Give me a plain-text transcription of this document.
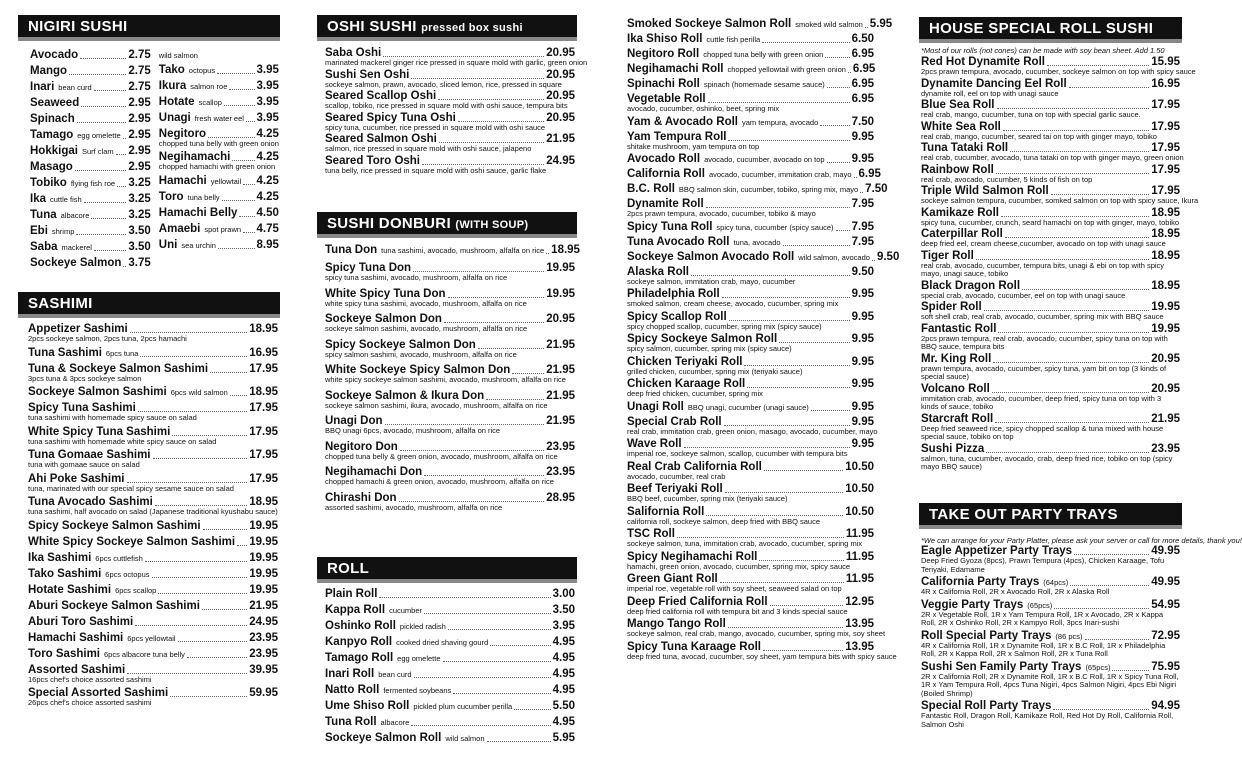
NIGIRI SUSHI
Avocado	2.75
Mango	2.75
Inari bean curd	2.75
Seaweed	2.95
Spinach	2.95
Tamago egg omelette 2.95
Hokkigai Surf clam 2.95
Masago	2.95
Tobiko flying fish roe 3.25
Ika cuttle fish	3.25
Tuna albacore	3.25
Ebi shrimp	3.50
Saba mackerel	3.50
Sockeye Salmon 3.75
wild salmon
Tako octopus	3.95
Ikura salmon roe	3.95
Hotate scallop	3.95
Unagi fresh water eel 3.95
Negitoro	4.25
chopped tuna belly with green onion
Negihamachi 4.25
chopped hamachi with green onion
Hamachi yellowtail 4.25
Toro tuna belly	4.25
Hamachi Belly 4.50
Amaebi spot prawn 4.75
Uni sea urchin	8.95
SASHIMI
Appetizer Sashimi	18.95
2pcs sockeye salmon, 2pcs tuna, 2pcs hamachi
Tuna Sashimi 6pcs tuna	16.95
Tuna & Sockeye Salmon Sashimi	17.95
3pcs tuna & 3pcs sockeye salmon
Sockeye Salmon Sashimi 6pcs wild salmon 18.95
Spicy Tuna Sashimi	17.95
tuna sashimi with homemade spicy sauce on salad
White Spicy Tuna Sashimi	17.95
tuna sashimi with homemade white spicy sauce on salad
Tuna Gomaae Sashimi	17.95
tuna with gomaae sauce on salad
Ahi Poke Sashimi	17.95
tuna, marinated with our special spicy sesame sauce on salad
Tuna Avocado Sashimi	18.95
tuna sashimi, half avocado on salad (Japanese traditional kyushabu sauce)
Spicy Sockeye Salmon Sashimi	19.95
White Spicy Sockeye Salmon Sashimi 19.95
Ika Sashimi 6pcs cuttlefish	19.95
Tako Sashimi 6pcs octopus	19.95
Hotate Sashimi 6pcs scallop	19.95
Aburi Sockeye Salmon Sashimi	21.95
Aburi Toro Sashimi	24.95
Hamachi Sashimi 6pcs yellowtail	23.95
Toro Sashimi 6pcs albacore tuna belly	23.95
Assorted Sashimi	39.95
16pcs chef's choice assorted sashimi
Special Assorted Sashimi	59.95
26pcs chef's choice assorted sashimi
OSHI SUSHI pressed box sushi
Saba Oshi	20.95
marinated mackerel ginger rice pressed in square mold with garlic, green onion
Sushi Sen Oshi	20.95
sockeye salmon, prawn, avocado, sliced lemon, rice, pressed in square
Seared Scallop Oshi	20.95
scallop, tobiko, rice pressed in square mold with oshi sauce, tempura bits
Seared Spicy Tuna Oshi	20.95
spicy tuna, cucumber, rice pressed in square mold with oshi sauce
Seared Salmon Oshi	21.95
salmon, rice pressed in square mold with oshi sauce, jalapeno
Seared Toro Oshi	24.95
tuna belly, rice pressed in square mold with oshi sauce, garlic flake
SUSHI DONBURI (WITH SOUP)
Tuna Don tuna sashimi, avocado, mushroom, alfalfa on rice 18.95
Spicy Tuna Don	19.95
spicy tuna sashimi, avocado, mushroom, alfalfa on rice
White Spicy Tuna Don	19.95
white spicy tuna sashimi, avocado, mushroom, alfalfa on rice
Sockeye Salmon Don	20.95
sockeye salmon sashimi, avocado, mushroom, alfalfa on rice
Spicy Sockeye Salmon Don	21.95
spicy salmon sashimi, avocado, mushroom, alfalfa on rice
White Sockeye Spicy Salmon Don	21.95
white spicy sockeye salmon sashimi, avocado, mushroom, alfalfa on rice
Sockeye Salmon & Ikura Don	21.95
sockeye salmon sashimi, ikura, avocado, mushroom, alfalfa on rice
Unagi Don	21.95
BBQ unagi 6pcs, avocado, mushroom, alfalfa on rice
Negitoro Don	23.95
chopped tuna belly & green onion, avocado, mushroom, alfalfa on rice
Negihamachi Don	23.95
chopped hamachi & green onion, avocado, mushroom, alfalfa on rice
Chirashi Don	28.95
assorted sashimi, avocado, mushroom, alfalfa on rice
ROLL
Plain Roll	3.00
Kappa Roll cucumber	3.50
Oshinko Roll pickled radish	3.95
Kanpyo Roll cooked dried shaving gourd	4.95
Tamago Roll egg omelette	4.95
Inari Roll bean curd	4.95
Natto Roll fermented soybeans	4.95
Ume Shiso Roll pickled plum cucumber perilla	5.50
Tuna Roll albacore	4.95
Sockeye Salmon Roll wild salmon	5.95
Smoked Sockeye Salmon Roll smoked wild salmon 5.95
Ika Shiso Roll cuttle fish perilla	6.50
Negitoro Roll chopped tuna belly with green onion 6.95
Negihamachi Roll chopped yellowtail with green onion 6.95
Spinachi Roll spinach (homemade sesame sauce) 6.95
Vegetable Roll	6.95
avocado, cucumber, oshinko, beet, spring mix
Yam & Avocado Roll yam tempura, avocado	7.50
Yam Tempura Roll	9.95
shitake mushroom, yam tempura on top
Avocado Roll avocado, cucumber, avocado on top 9.95
California Roll avocado, cucumber, immitation crab, mayo 6.95
B.C. Roll BBQ salmon skin, cucumber, tobiko, spring mix, mayo 7.50
Dynamite Roll	7.95
2pcs prawn tempura, avocado, cucumber, tobiko & mayo
Spicy Tuna Roll spicy tuna, cucumber (spicy sauce) 7.95
Tuna Avocado Roll tuna, avocado	7.95
Sockeye Salmon Avocado Roll wild salmon, avocado 9.50
Alaska Roll	9.50
sockeye salmon, immitation crab, mayo, cucumber
Philadelphia Roll	9.95
smoked salmon, cream cheese, avocado, cucumber, spring mix
Spicy Scallop Roll	9.95
spicy chopped scallop, cucumber, spring mix (spicy sauce)
Spicy Sockeye Salmon Roll	9.95
spicy salmon, cucumber, spring mix (spicy sauce)
Chicken Teriyaki Roll	9.95
grilled chicken, cucumber, spring mix (teriyaki sauce)
Chicken Karaage Roll	9.95
deep fried chicken, cucumber, spring mix
Unagi Roll BBQ unagi, cucumber (unagi sauce)	9.95
Special Crab Roll	9.95
real crab, immitation crab, green onion, masago, avocado, cucumber, mayo
Wave Roll	9.95
imperial roe, sockeye salmon, scallop, cucumber with tempura bits
Real Crab California Roll	10.50
avocado, cucumber, real crab
Beef Teriyaki Roll	10.50
BBQ beef, cucumber, spring mix (teriyaki sauce)
Salifornia Roll	10.50
california roll, sockeye salmon, deep fried with BBQ sauce
TSC Roll	11.95
sockeye salmon, tuna, immitation crab, avocado, cucumber, spring mix
Spicy Negihamachi Roll	11.95
hamachi, green onion, avocado, cucumber, spring mix, spicy sauce
Green Giant Roll	11.95
imperial roe, vegetable roll with soy sheet, seaweed salad on top
Deep Fried California Roll	12.95
deep fried california roll with tempura bit and 3 kinds special sauce
Mango Tango Roll	13.95
sockeye salmon, real crab, mango, avocado, cucumber, spring mix, soy sheet
Spicy Tuna Karaage Roll	13.95
deep fried tuna, avocad, cucumber, soy sheet, yam tempura bits with spicy sauce
HOUSE SPECIAL ROLL SUSHI
*Most of our rolls (not cones) can be made with soy bean sheet. Add 1.50
Red Hot Dynamite Roll	15.95
2pcs prawn tempura, avocado, cucumber, sockeye salmon on top with spicy sauce
Dynamite Dancing Eel Roll	16.95
dynamite roll, eel on top with unagi sauce
Blue Sea Roll	17.95
real crab, mango, cucumber, tuna on top with special garlic sauce.
White Sea Roll	17.95
real crab, mango, cucumber, seared tai on top with ginger mayo, tobiko
Tuna Tataki Roll	17.95
real crab, cucumber, avocado, tuna tataki on top with ginger mayo, green onion
Rainbow Roll	17.95
real crab, avocado, cucumber, 5 kinds of fish on top
Triple Wild Salmon Roll	17.95
sockeye salmon tempura, cucumber, somked salmon on top with spicy sauce, Ikura
Kamikaze Roll	18.95
spicy tuna, cucumber, crunch, seard hamachi on top with ginger, mayo, tobiko
Caterpillar Roll	18.95
deep fried eel, cream cheese,cucumber, avocado on top with unagi sauce
Tiger Roll	18.95
real crab, avocado, cucumber, tempura bits, unagi & ebi on top with spicy mayo, unagi sauce, tobiko
Black Dragon Roll	18.95
special crab, avocado, cucumber, eel on top with unagi sauce
Spider Roll	19.95
soft shell crab, real crab, avocado, cucumber, spring mix with BBQ sauce
Fantastic Roll	19.95
2pcs prawn tempura, real crab, avocado, cucumber, spicy tuna on top with BBQ sauce, tempura bits
Mr. King Roll	20.95
prawn tempura, avocado, cucumber, spicy tuna, yam bit on top (3 kinds of special sauce)
Volcano Roll	20.95
immitation crab, avocado, cucumber, deep fried, spicy tuna on top with 3 kinds of sauce, tobiko
Starcraft Roll	21.95
Deep fried seaweed rice, spicy chopped scallop & tuna mixed with house special sauce, tobiko on top
Sushi Pizza	23.95
salmon, tuna, cucumber, avocado, crab, deep fried rice, tobiko on top (spicy mayo BBQ sauce)
TAKE OUT PARTY TRAYS
*We can arrange for your Party Platter, please ask your server or call for more details, thank you!
Eagle Appetizer Party Trays	49.95
Deep Fried Gyoza (8pcs), Prawn Tempura (4pcs), Chicken Karaage, Tofu Teriyaki, Edamame
California Party Trays (64pcs)	49.95
4R x California Roll, 2R x Avocado Roll, 2R x Alaska Roll
Veggie Party Trays (65pcs)	54.95
2R x Vegetable Roll, 1R x Yam Tempura Roll, 1R x Avocado, 2R x Kappa Roll, 2R x Oshinko Roll, 2R x Kampyo Roll, 3pcs Inari-sushi
Roll Special Party Trays (86 pcs)	72.95
4R x California Roll, 1R x Dynamite Roll, 1R x B.C Roll, 1R x Philadelphia Roll, 2R x Kappa Roll, 2R x Salmon Roll, 2R x Tuna Roll
Sushi Sen Family Party Trays (65pcs)	75.95
2R x California Roll, 2R x Dynamite Roll, 1R x B.C Roll, 1R x Spicy Tuna Roll, 1R x Yam Tempura Roll, 4pcs Tuna Nigiri, 4pcs Salmon Nigiri, 4pcs Ebi Nigiri (Boiled Shrimp)
Special Roll Party Trays	94.95
Fantastic Roll, Dragon Roll, Kamikaze Roll, Red Hot Dy Roll, California Roll, Salmon Oshi
